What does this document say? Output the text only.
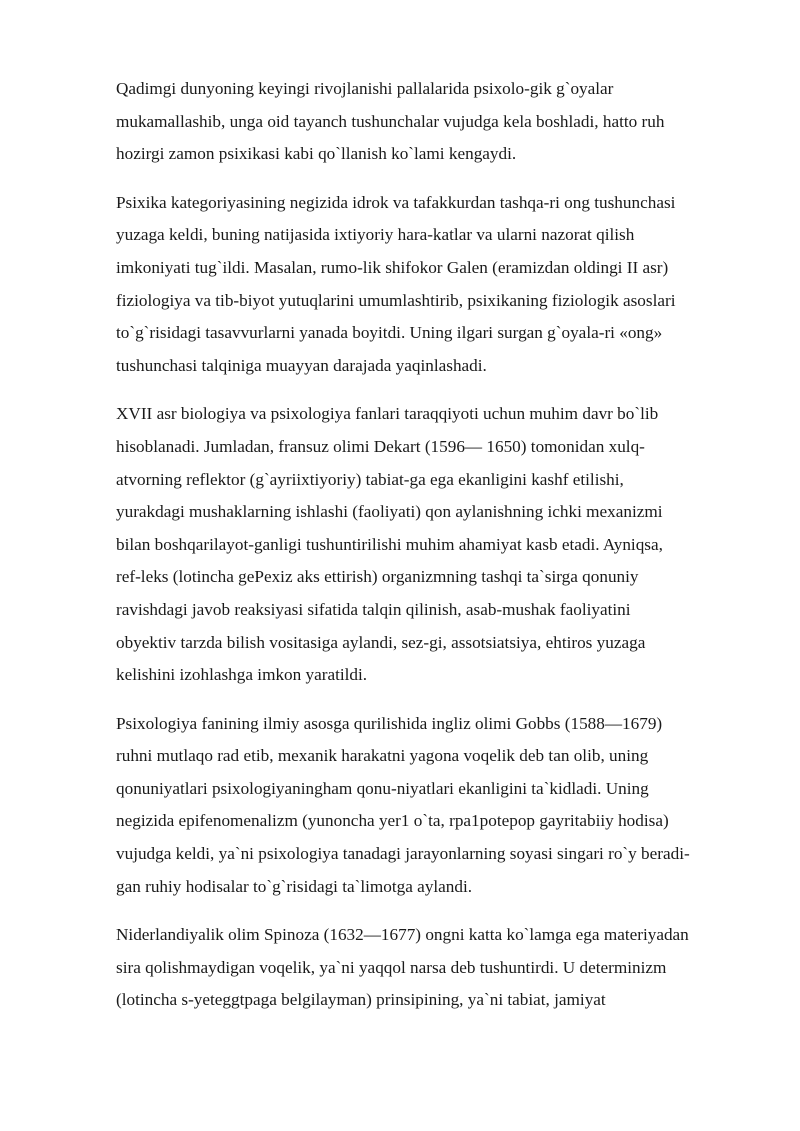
Qadimgi dunyoning keyingi rivojlanishi pallalarida psixolo-gik g`oyalar
mukamallashib, unga oid tayanch tushunchalar vujudga kela boshladi, hatto ruh
hozirgi zamon psixikasi kabi qo`llanish ko`lami kengaydi.

Psixika kategoriyasining negizida idrok va tafakkurdan tashqa-ri ong tushunchasi
yuzaga keldi, buning natijasida ixtiyoriy hara-katlar va ularni nazorat qilish
imkoniyati tug`ildi. Masalan, rumo-lik shifokor Galen (eramizdan oldingi II asr)
fiziologiya va tib-biyot yutuqlarini umumlashtirib, psixikaning fiziologik asoslari
to`g`risidagi tasavvurlarni yanada boyitdi. Uning ilgari surgan g`oyala-ri «ong»
tushunchasi talqiniga muayyan darajada yaqinlashadi.

XVII asr biologiya va psixologiya fanlari taraqqiyoti uchun muhim davr bo`lib
hisoblanadi. Jumladan, fransuz olimi Dekart (1596— 1650) tomonidan xulq-
atvorning reflektor (g`ayriixtiyoriy) tabiat-ga ega ekanligini kashf etilishi,
yurakdagi mushaklarning ishlashi (faoliyati) qon aylanishning ichki mexanizmi
bilan boshqarilayot-ganligi tushuntirilishi muhim ahamiyat kasb etadi. Ayniqsa,
ref-leks (lotincha gePexiz aks ettirish) organizmning tashqi ta`sirga qonuniy
ravishdagi javob reaksiyasi sifatida talqin qilinish, asab-mushak faoliyatini
obyektiv tarzda bilish vositasiga aylandi, sez-gi, assotsiatsiya, ehtiros yuzaga
kelishini izohlashga imkon yaratildi.

Psixologiya fanining ilmiy asosga qurilishida ingliz olimi Gobbs (1588—1679)
ruhni mutlaqo rad etib, mexanik harakatni yagona voqelik deb tan olib, uning
qonuniyatlari psixologiyaningham qonu-niyatlari ekanligini ta`kidladi. Uning
negizida epifenomenalizm (yunoncha yer1 o`ta, rpa1potepop gayritabiiy hodisa)
vujudga keldi, ya`ni psixologiya tanadagi jarayonlarning soyasi singari ro`y beradi-
gan ruhiy hodisalar to`g`risidagi ta`limotga aylandi.

Niderlandiyalik olim Spinoza (1632—1677) ongni katta ko`lamga ega materiyadan
sira qolishmaydigan voqelik, ya`ni yaqqol narsa deb tushuntirdi. U determinizm
(lotincha s-yeteggtpaga belgilayman) prinsipining, ya`ni tabiat, jamiyat
